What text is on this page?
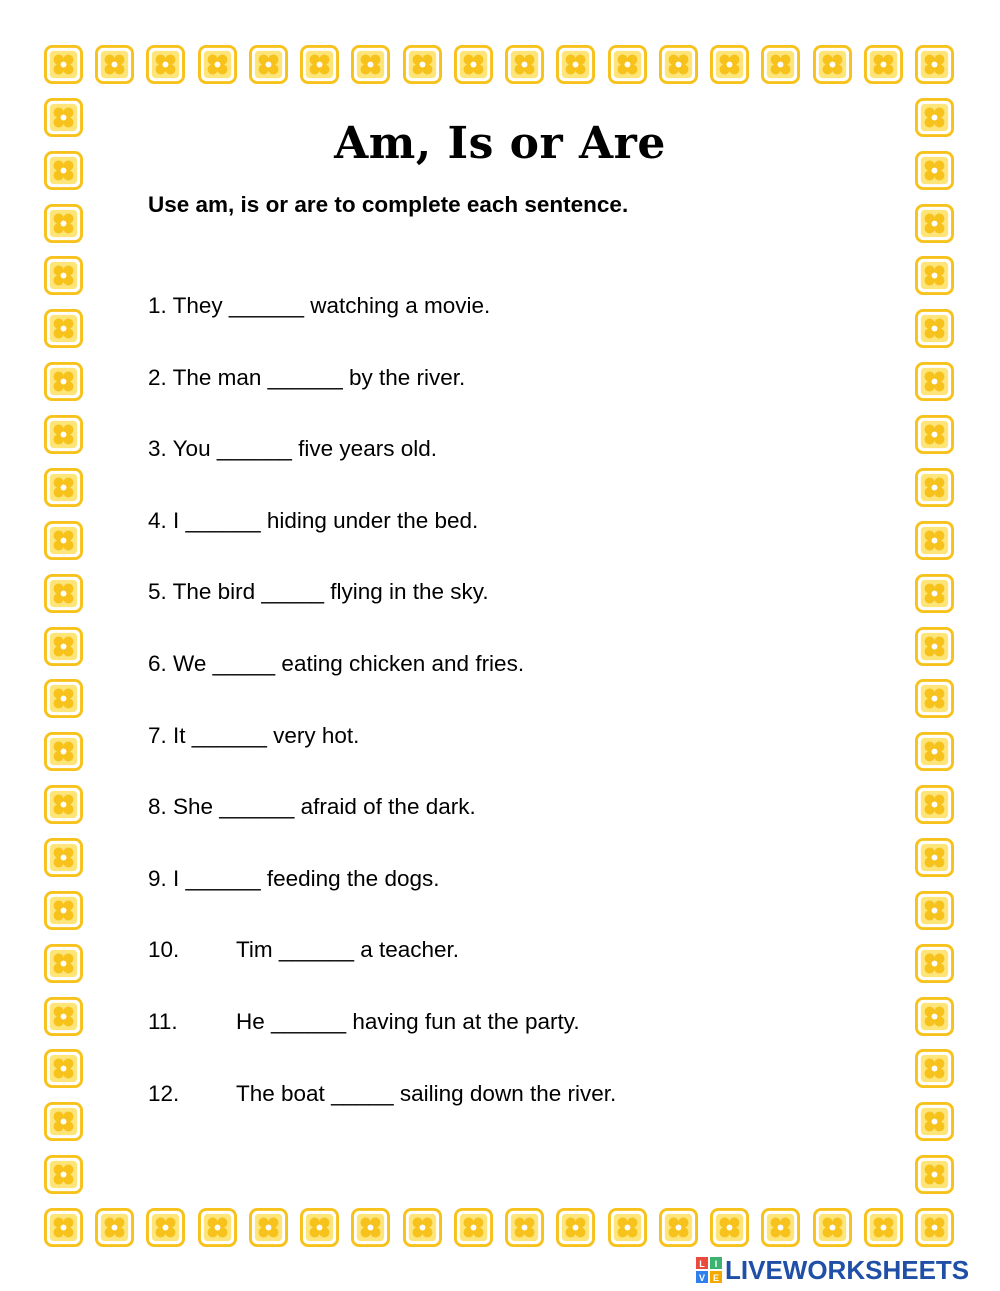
Am, Is or Are
Use am, is or are to complete each sentence.
1. They ______ watching a movie.
2. The man ______ by the river.
3. You ______ five years old.
4. I ______ hiding under the bed.
5. The bird _____ flying in the sky.
6. We _____ eating chicken and fries.
7. It ______ very hot.
8. She ______ afraid of the dark.
9. I ______ feeding the dogs.
10.	Tim ______ a teacher.
11.	He ______ having fun at the party.
12.	The boat _____ sailing down the river.
L I
V E LIVEWORKSHEETS
